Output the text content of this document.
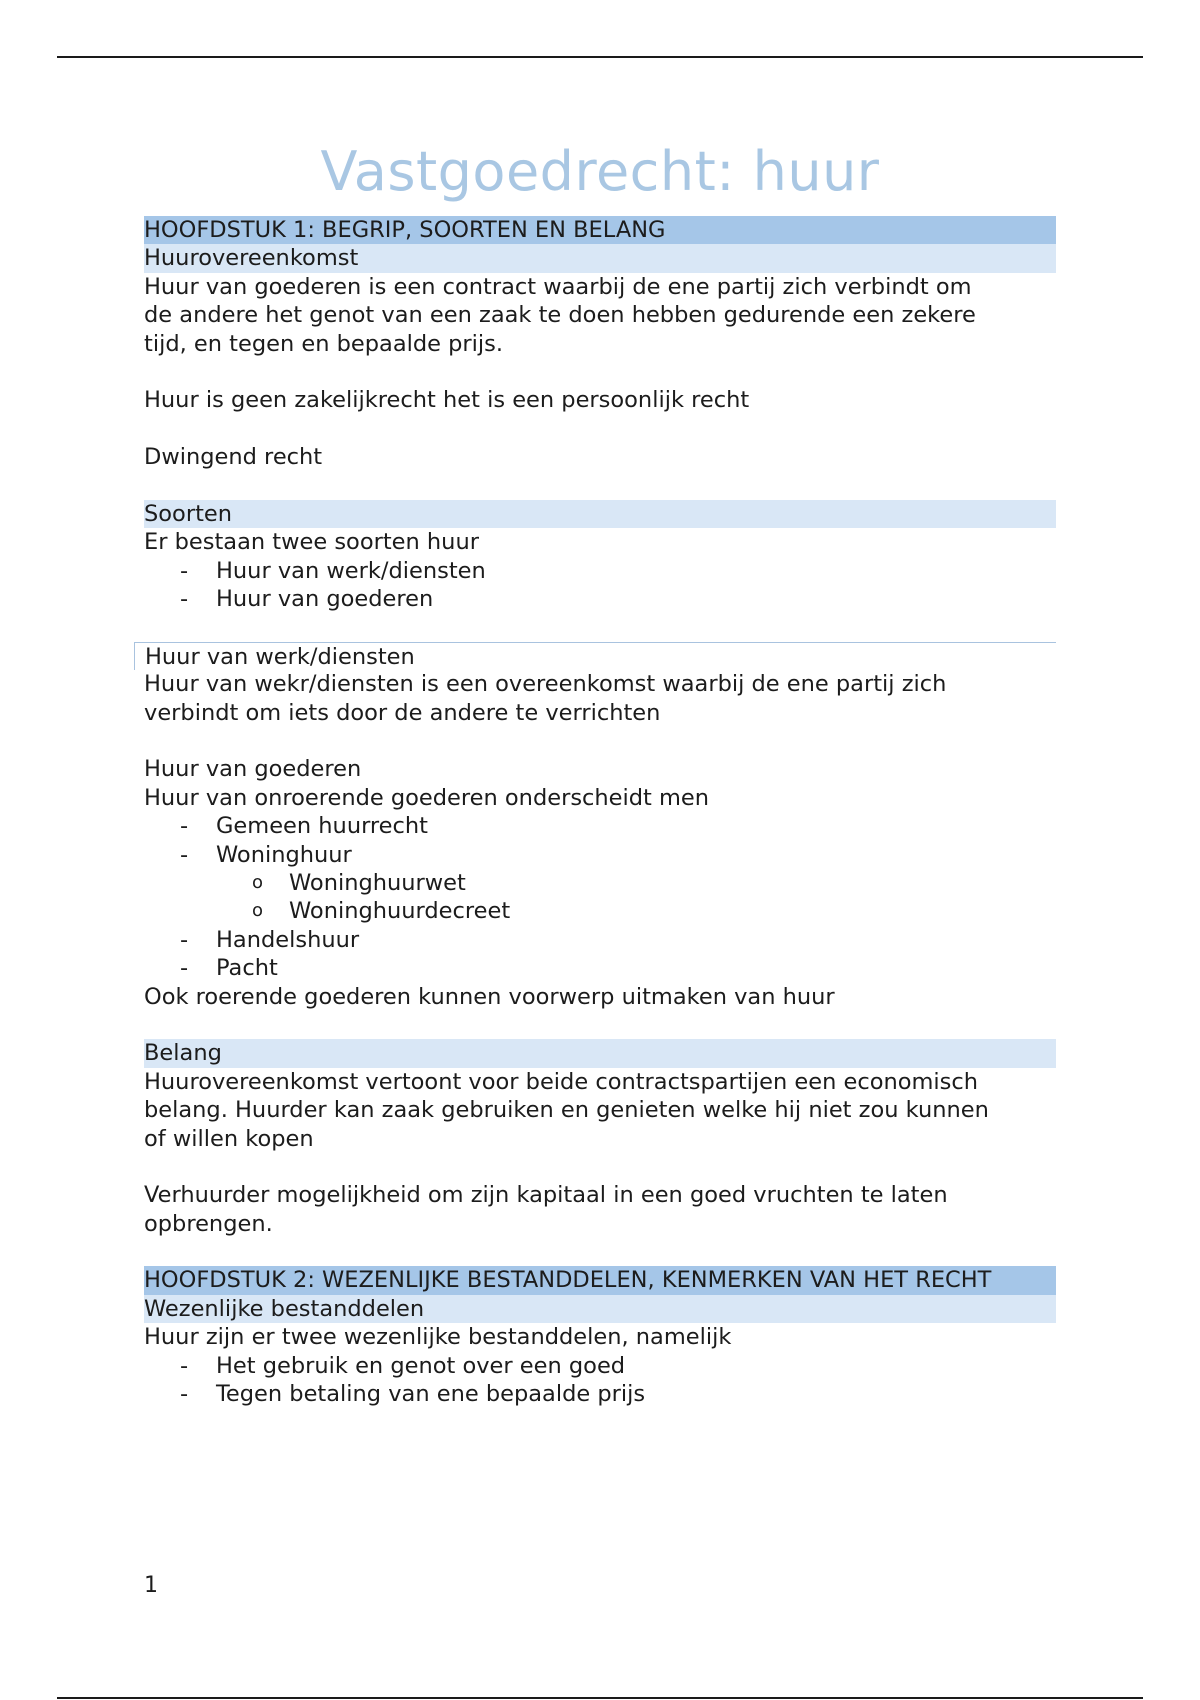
Vastgoedrecht: huur
HOOFDSTUK 1: BEGRIP, SOORTEN EN BELANG
Huurovereenkomst
Huur van goederen is een contract waarbij de ene partij zich verbindt om
de andere het genot van een zaak te doen hebben gedurende een zekere
tijd, en tegen en bepaalde prijs.
Huur is geen zakelijkrecht het is een persoonlijk recht
Dwingend recht
Soorten
Er bestaan twee soorten huur
- Huur van werk/diensten
- Huur van goederen
Huur van werk/diensten
Huur van wekr/diensten is een overeenkomst waarbij de ene partij zich
verbindt om iets door de andere te verrichten
Huur van goederen
Huur van onroerende goederen onderscheidt men
- Gemeen huurrecht
- Woninghuur
o Woninghuurwet
o Woninghuurdecreet
- Handelshuur
- Pacht
Ook roerende goederen kunnen voorwerp uitmaken van huur
Belang
Huurovereenkomst vertoont voor beide contractspartijen een economisch
belang. Huurder kan zaak gebruiken en genieten welke hij niet zou kunnen
of willen kopen
Verhuurder mogelijkheid om zijn kapitaal in een goed vruchten te laten
opbrengen.
HOOFDSTUK 2: WEZENLIJKE BESTANDDELEN, KENMERKEN VAN HET RECHT
Wezenlijke bestanddelen
Huur zijn er twee wezenlijke bestanddelen, namelijk
- Het gebruik en genot over een goed
- Tegen betaling van ene bepaalde prijs
1
